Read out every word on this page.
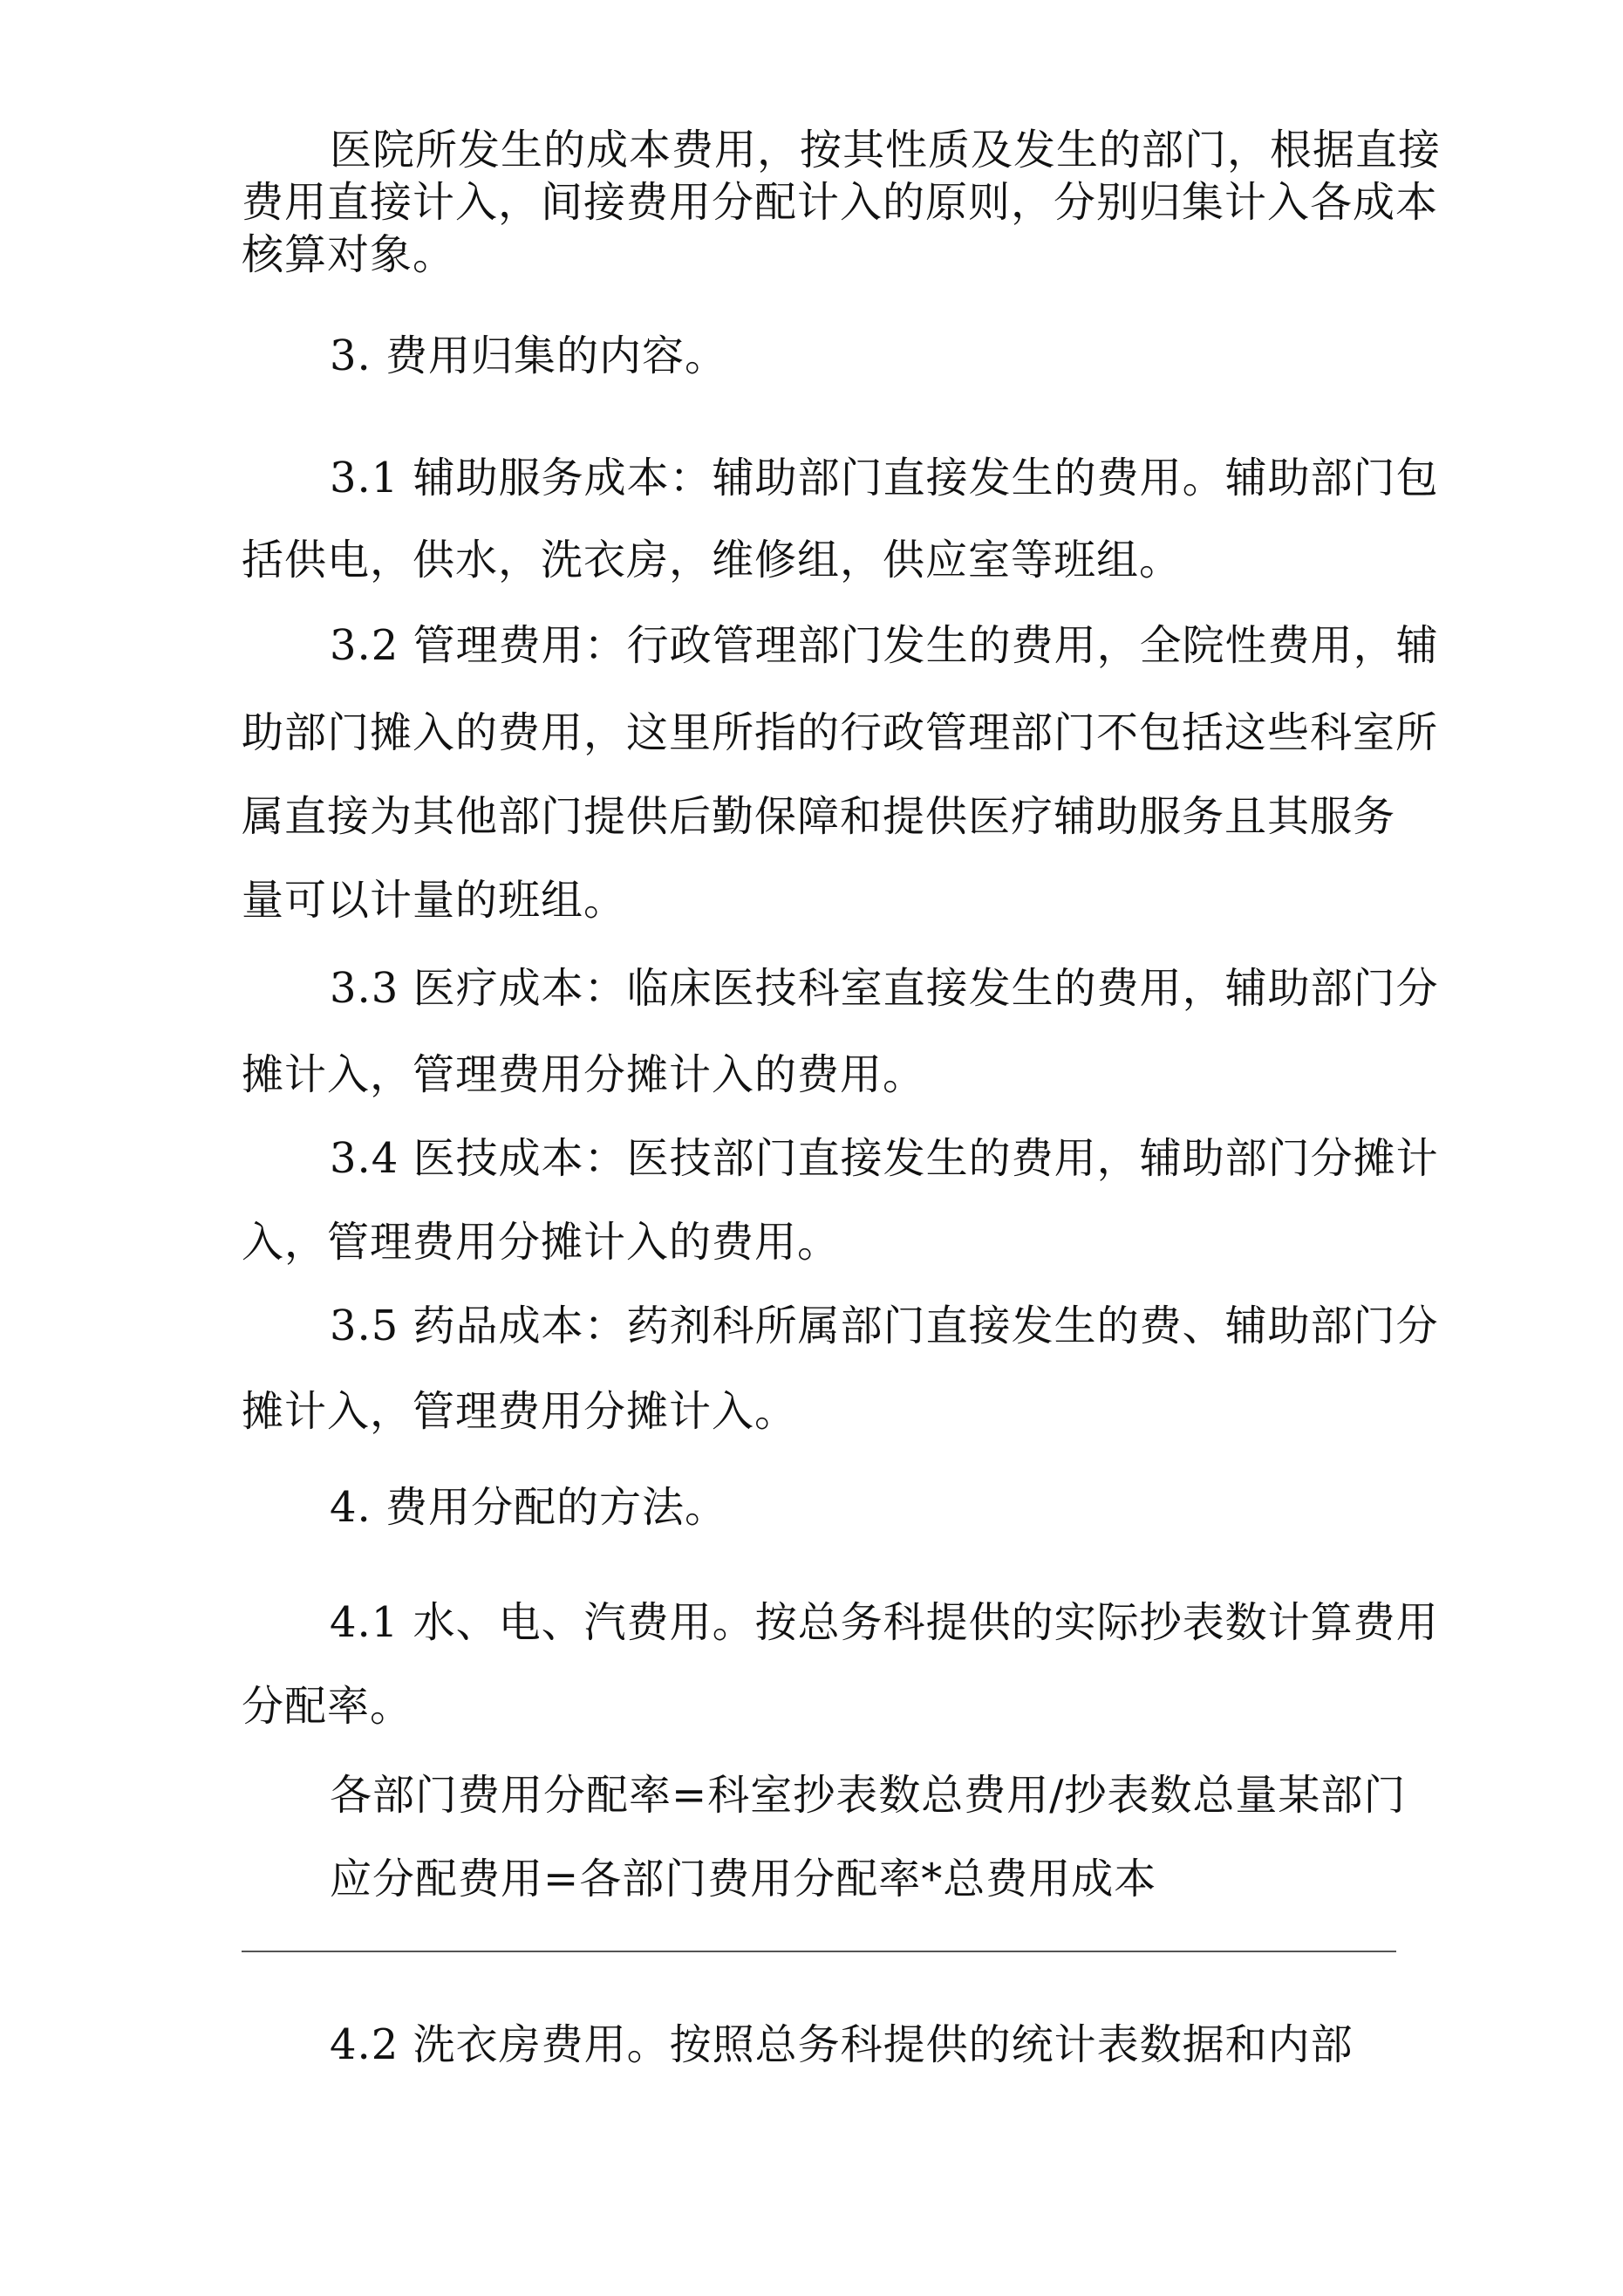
医院所发生的成本费用，按其性质及发生的部门，根据直接
费用直接计入，间接费用分配计入的原则，分别归集计入各成本
核算对象。
3. 费用归集的内容。
3.1 辅助服务成本：辅助部门直接发生的费用。辅助部门包
括供电，供水，洗衣房，维修组，供应室等班组。
3.2 管理费用：行政管理部门发生的费用，全院性费用，辅
助部门摊入的费用，这里所指的行政管理部门不包括这些科室所
属直接为其他部门提供后勤保障和提供医疗辅助服务且其服务
量可以计量的班组。
3.3 医疗成本：临床医技科室直接发生的费用，辅助部门分
摊计入，管理费用分摊计入的费用。
3.4 医技成本：医技部门直接发生的费用，辅助部门分摊计
入，管理费用分摊计入的费用。
3.5 药品成本：药剂科所属部门直接发生的费、辅助部门分
摊计入，管理费用分摊计入。
4. 费用分配的方法。
4.1 水、电、汽费用。按总务科提供的实际抄表数计算费用
分配率。
各部门费用分配率=科室抄表数总费用/抄表数总量某部门
应分配费用=各部门费用分配率*总费用成本
4.2 洗衣房费用。按照总务科提供的统计表数据和内部
